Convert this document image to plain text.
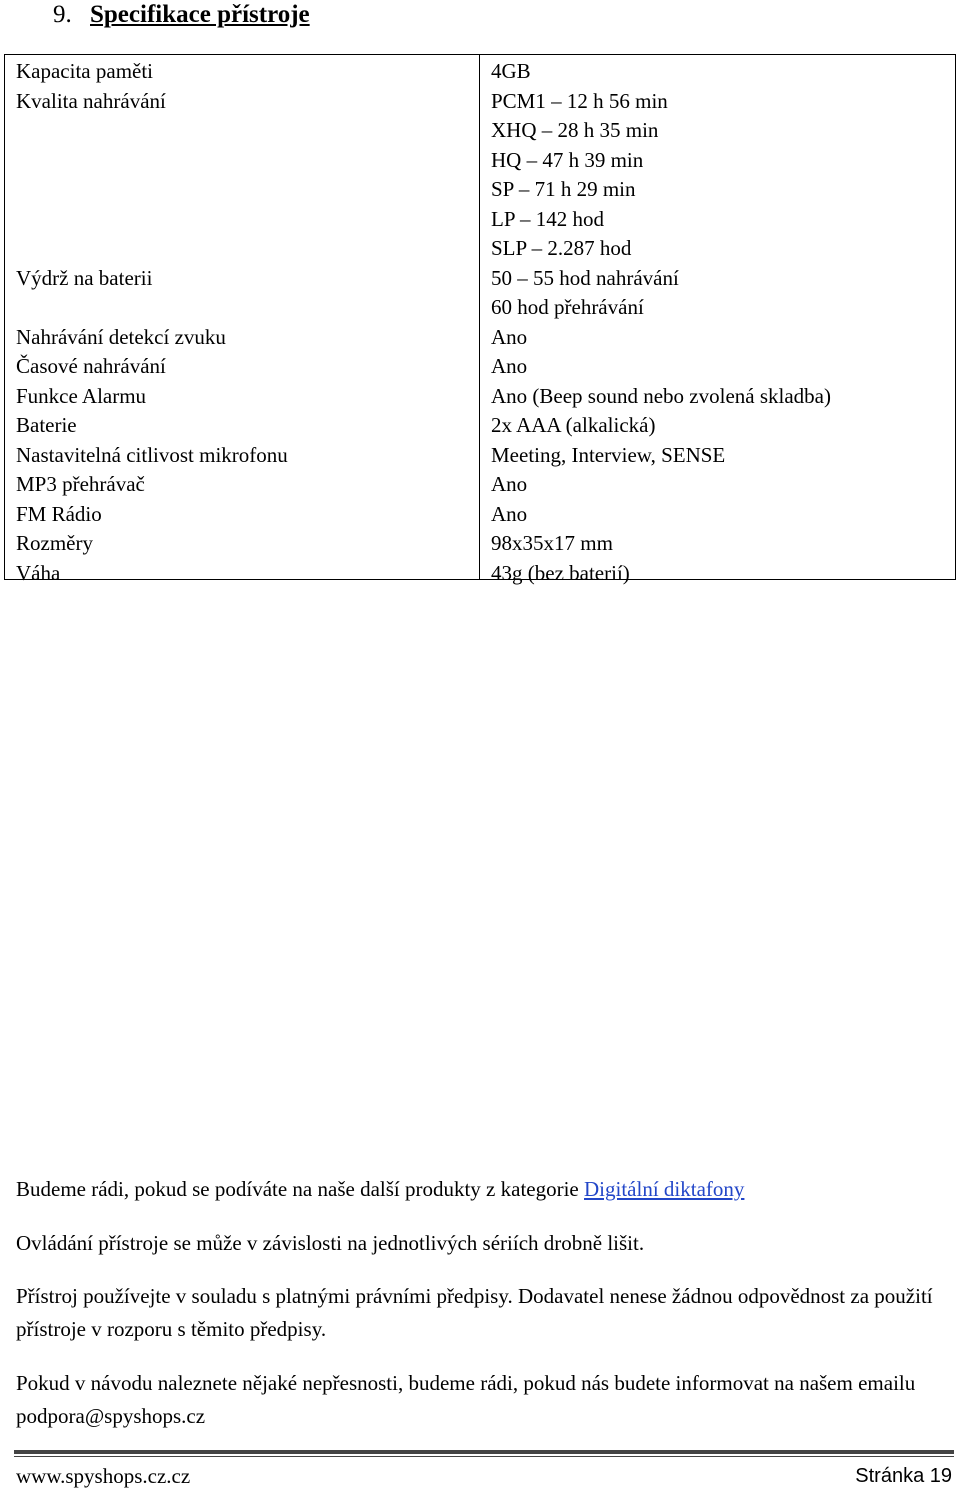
9. Specifikace přístroje
Kapacita paměti	4GB
Kvalita nahrávání	PCM1 – 12 h 56 min
XHQ – 28 h 35 min
HQ – 47 h 39 min
SP – 71 h 29 min
LP – 142 hod
SLP – 2.287 hod
Výdrž na baterii	50 – 55 hod nahrávání
60 hod přehrávání
Nahrávání detekcí zvuku	Ano
Časové nahrávání	Ano
Funkce Alarmu	Ano (Beep sound nebo zvolená skladba)
Baterie	2x AAA (alkalická)
Nastavitelná citlivost mikrofonu	Meeting, Interview, SENSE
MP3 přehrávač	Ano
FM Rádio	Ano
Rozměry	98x35x17 mm
Váha	43g (bez baterií)
Budeme rádi, pokud se podíváte na naše další produkty z kategorie Digitální diktafony
Ovládání přístroje se může v závislosti na jednotlivých sériích drobně lišit.
Přístroj používejte v souladu s platnými právními předpisy. Dodavatel nenese žádnou odpovědnost za použití přístroje v rozporu s těmito předpisy.
Pokud v návodu naleznete nějaké nepřesnosti, budeme rádi, pokud nás budete informovat na našem emailu podpora@spyshops.cz
www.spyshops.cz.cz	Stránka 19
